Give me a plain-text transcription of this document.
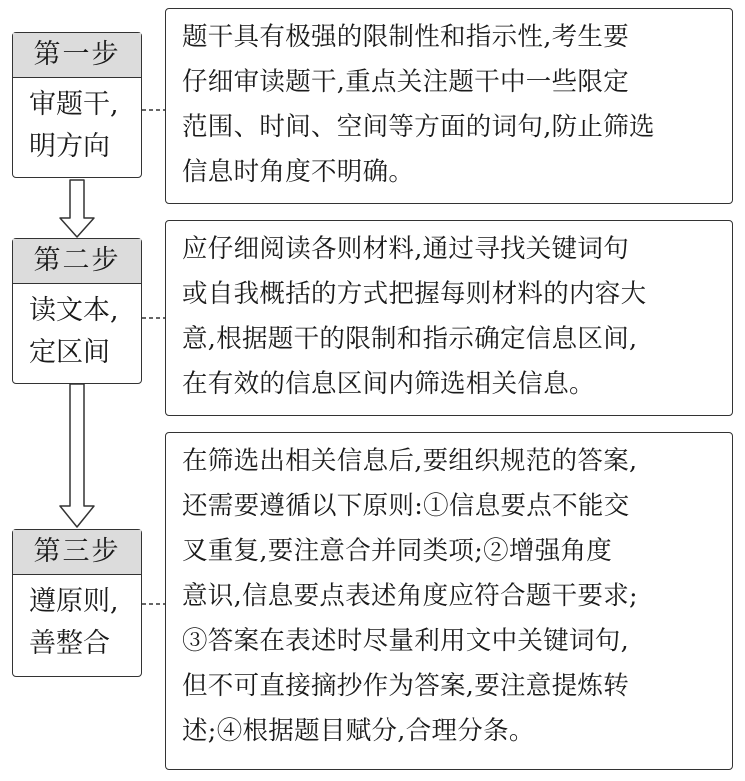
第一步
审题干,
明方向
题干具有极强的限制性和指示性,考生要
仔细审读题干,重点关注题干中一些限定
范围、时间、空间等方面的词句,防止筛选
信息时角度不明确。
第二步
读文本,
定区间
应仔细阅读各则材料,通过寻找关键词句
或自我概括的方式把握每则材料的内容大
意,根据题干的限制和指示确定信息区间,
在有效的信息区间内筛选相关信息。
第三步
遵原则,
善整合
在筛选出相关信息后,要组织规范的答案,
还需要遵循以下原则:①信息要点不能交
叉重复,要注意合并同类项;②增强角度
意识,信息要点表述角度应符合题干要求;
③答案在表述时尽量利用文中关键词句,
但不可直接摘抄作为答案,要注意提炼转
述;④根据题目赋分,合理分条。
